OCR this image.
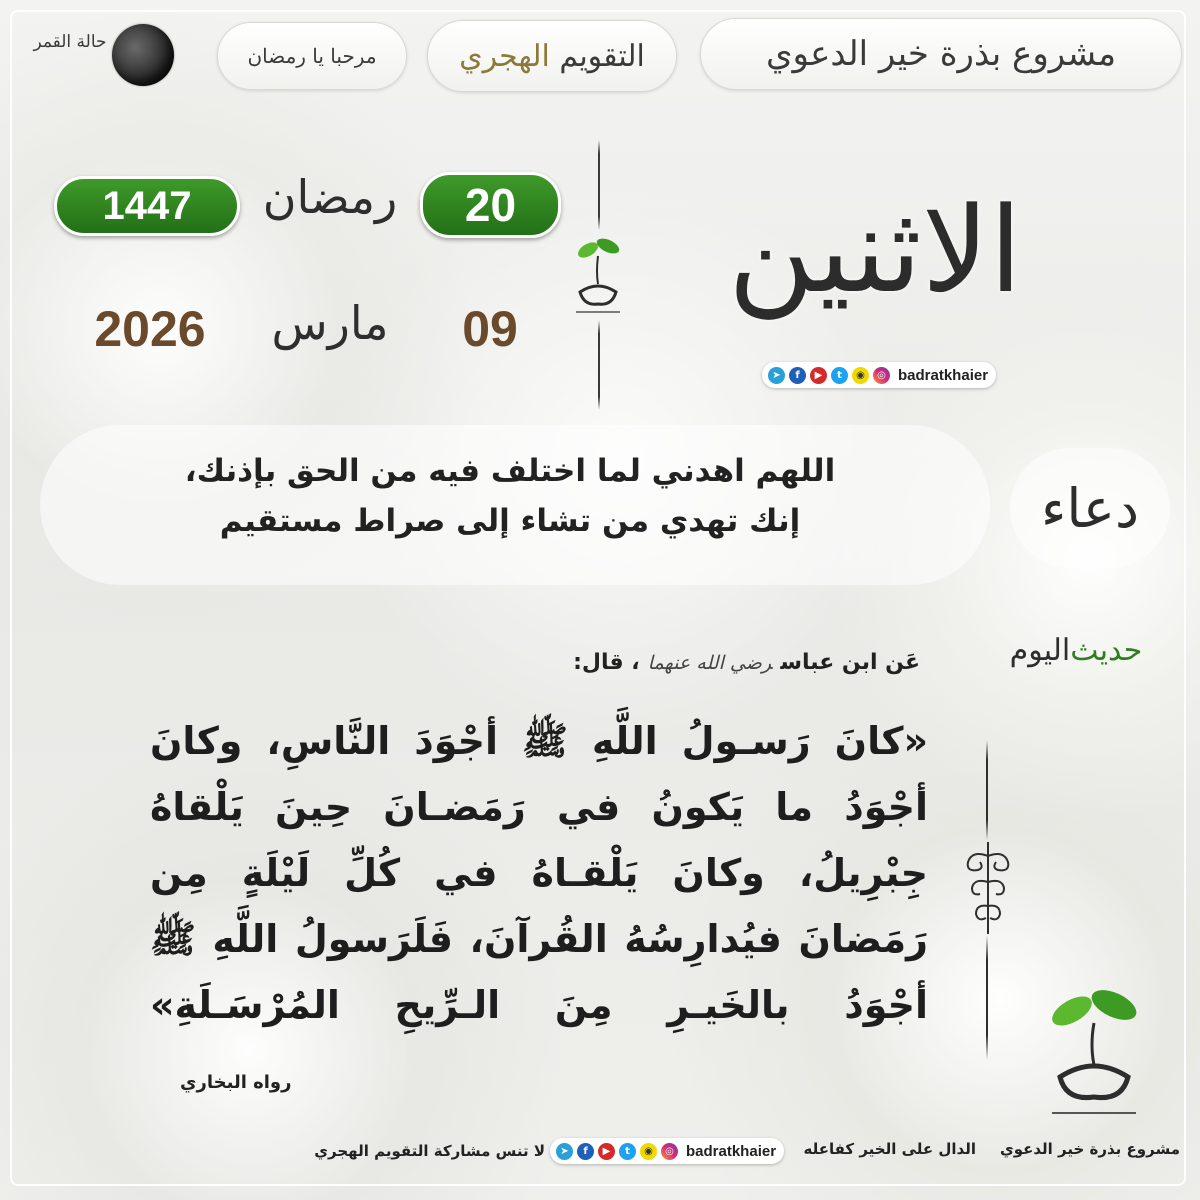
مشروع بذرة خير الدعوي
التقويم

الهجري
مرحبا يا رمضان
حالة القمر
20
رمضان
1447
09
مارس
2026
الاثنين
➤	f	▶	t	◉	◎ badratkhaier
اللهم اهدني لما اختلف فيه من الحق بإذنك،
إنك تهدي من تشاء إلى صراط مستقيم	دعاء
حديث
اليوم
عَن ابن عباسرضي الله عنهما، قال:
«كانَ رَسـولُ اللَّهِ ﷺ أجْوَدَ النَّاسِ، وكانَ أجْوَدُ ما يَكونُ في رَمَضـانَ حِينَ يَلْقاهُ جِبْرِيلُ، وكانَ يَلْقـاهُ في كُلِّ لَيْلَةٍ مِن رَمَضانَ فيُدارِسُهُ القُرآنَ، فَلَرَسولُ اللَّهِ ﷺ أجْوَدُ بالخَيـرِ مِنَ الـرِّيحِ المُرْسَـلَةِ»
رواه البخاري
مشروع بذرة خير الدعويالدال على الخير كفاعله
➤	f	▶	t	◉	◎ badratkhaier
لا تنس مشاركة التقويم الهجري
